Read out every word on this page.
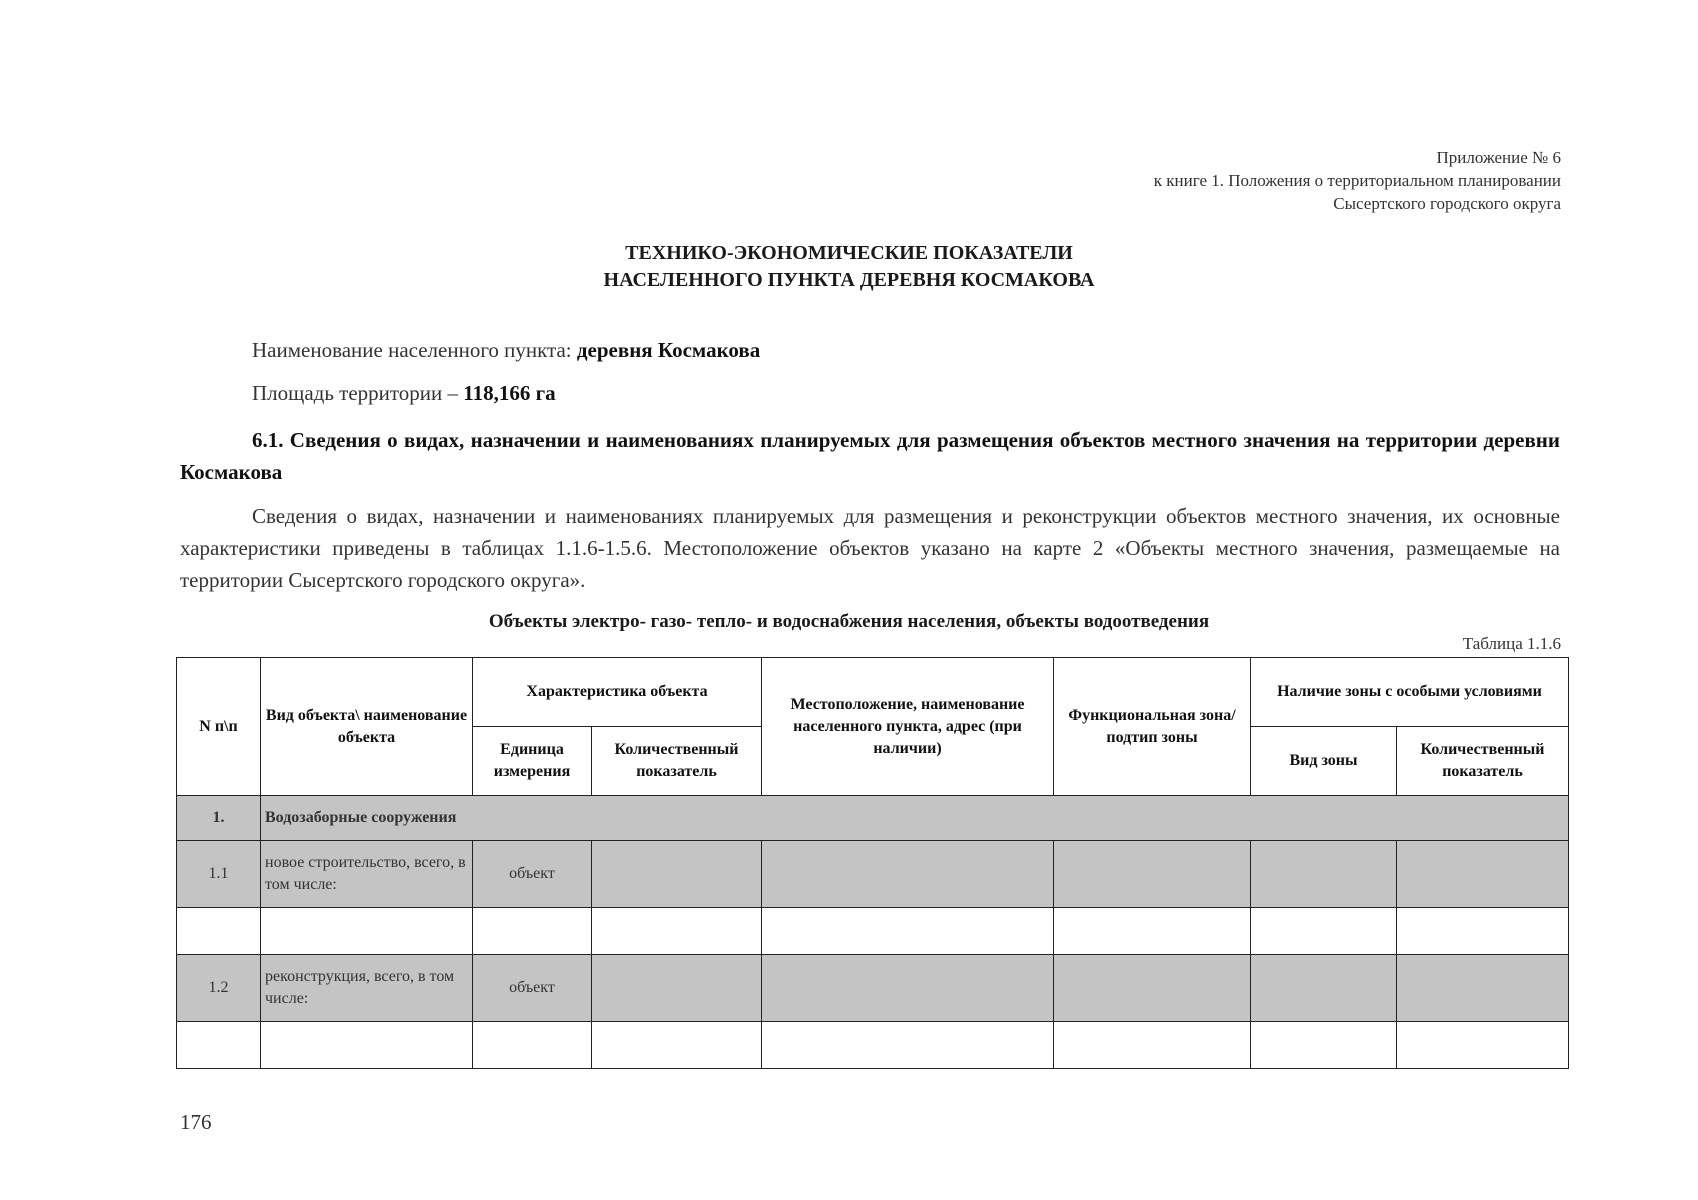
Приложение № 6
к книге 1. Положения о территориальном планировании
Сысертского городского округа
ТЕХНИКО-ЭКОНОМИЧЕСКИЕ ПОКАЗАТЕЛИ
НАСЕЛЕННОГО ПУНКТА ДЕРЕВНЯ КОСМАКОВА
Наименование населенного пункта: деревня Космакова
Площадь территории – 118,166 га
6.1. Сведения о видах, назначении и наименованиях планируемых для размещения объектов местного значения на территории деревни Космакова
Сведения о видах, назначении и наименованиях планируемых для размещения и реконструкции объектов местного значения, их основные характеристики приведены в таблицах 1.1.6-1.5.6. Местоположение объектов указано на карте 2 «Объекты местного значения, размещаемые на территории Сысертского городского округа».
Объекты электро- газо- тепло- и водоснабжения населения, объекты водоотведения
Таблица 1.1.6
N п\п	Вид объекта\ наименование объекта	Характеристика объекта		Местоположение, наименование населенного пункта, адрес (при наличии)	Функциональная зона/ подтип зоны	Наличие зоны с особыми условиями	
		Единица измерения	Количественный показатель			Вид зоны	Количественный показатель
1.	Водозаборные сооружения						
1.1	новое строительство, всего, в том числе:	объект					

1.2	реконструкция, всего, в том числе:	объект					

176
